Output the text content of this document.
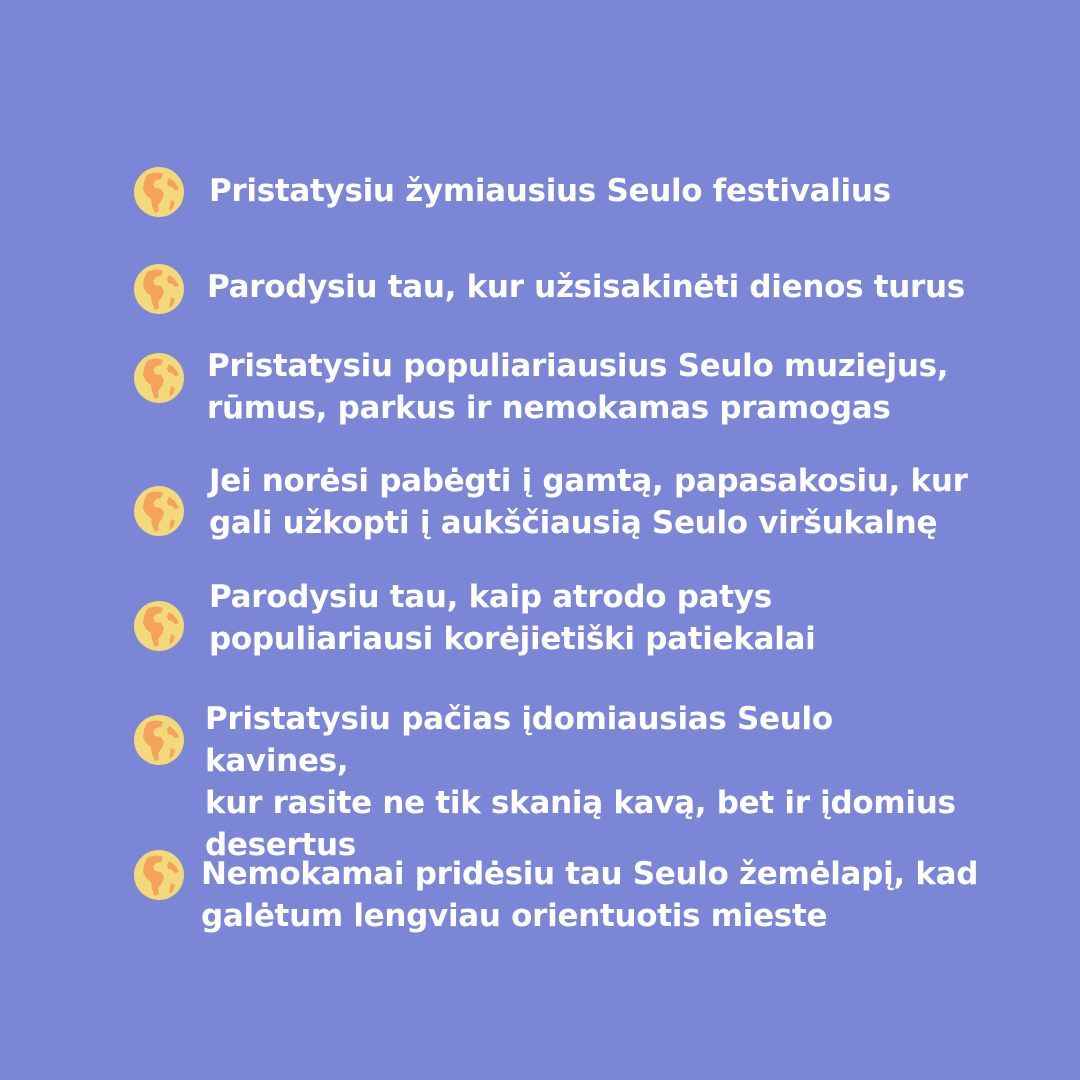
Pristatysiu žymiausius Seulo festivalius
Parodysiu tau, kur užsisakinėti dienos turus
Pristatysiu populiariausius Seulo muziejus,
rūmus, parkus ir nemokamas pramogas
Jei norėsi pabėgti į gamtą, papasakosiu, kur
gali užkopti į aukščiausią Seulo viršukalnę
Parodysiu tau, kaip atrodo patys
populiariausi korėjietiški patiekalai
Pristatysiu pačias įdomiausias Seulo kavines,
kur rasite ne tik skanią kavą, bet ir įdomius
desertus
Nemokamai pridėsiu tau Seulo žemėlapį, kad
galėtum lengviau orientuotis mieste
